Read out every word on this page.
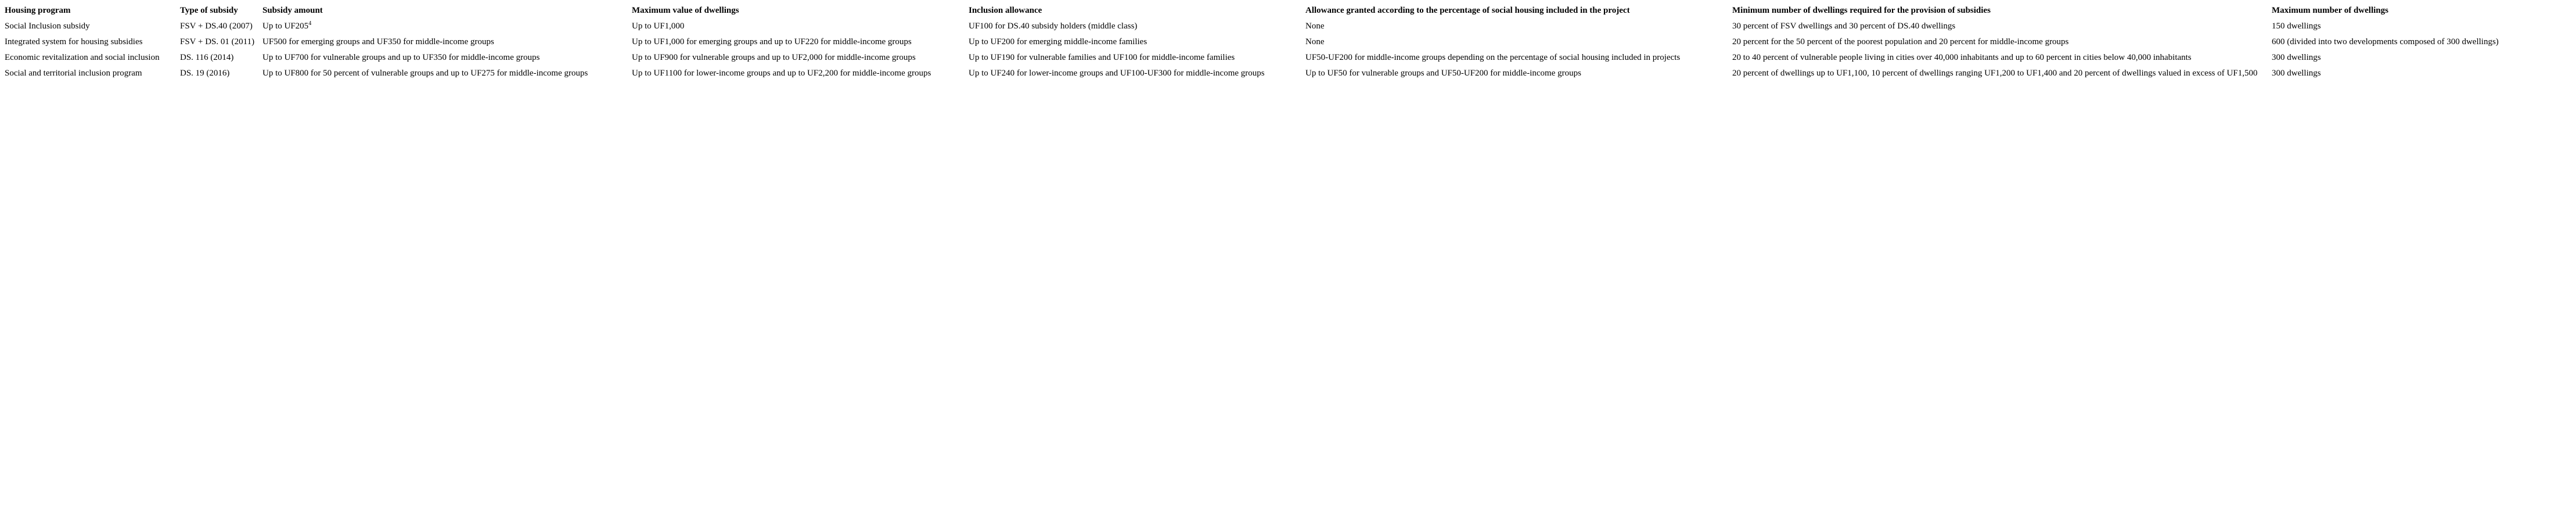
Housing program	Type of subsidy	Subsidy amount	Maximum value of dwellings	Inclusion allowance	Allowance granted according to the percentage of social housing included in the project	Minimum number of dwellings required for the provision of subsidies	Maximum number of dwellings
Social Inclusion subsidy	FSV + DS.40 (2007)	Up to $UF205^4$	Up to UF1,000	UF100 for DS.40 subsidy holders (middle class)	None	30 percent of FSV dwellings and 30 percent of DS.40 dwellings	150 dwellings
Integrated system for housing subsidies	FSV + DS. 01 (2011)	UF500 for emerging groups and UF350 for middle-income groups	Up to UF1,000 for emerging groups and up to UF220 for middle-income groups	Up to UF200 for emerging middle-income families	None	20 percent for the 50 percent of the poorest population and 20 percent for middle-income groups	600 (divided into two developments composed of 300 dwellings)
Economic revitalization and social inclusion	DS. 116 (2014)	Up to UF700 for vulnerable groups and up to UF350 for middle-income groups	Up to UF900 for vulnerable groups and up to UF2,000 for middle-income groups	Up to UF190 for vulnerable families and UF100 for middle-income families	UF50-UF200 for middle-income groups depending on the percentage of social housing included in projects	20 to 40 percent of vulnerable people living in cities over 40,000 inhabitants and up to 60 percent in cities below 40,000 inhabitants	300 dwellings
Social and territorial inclusion program	DS. 19 (2016)	Up to UF800 for 50 percent of vulnerable groups and up to UF275 for middle-income groups	Up to UF1100 for lower-income groups and up to UF2,200 for middle-income groups	Up to UF240 for lower-income groups and UF100-UF300 for middle-income groups	Up to UF50 for vulnerable groups and UF50-UF200 for middle-income groups	20 percent of dwellings up to UF1,100, 10 percent of dwellings ranging UF1,200 to UF1,400 and 20 percent of dwellings valued in excess of UF1,500	300 dwellings
